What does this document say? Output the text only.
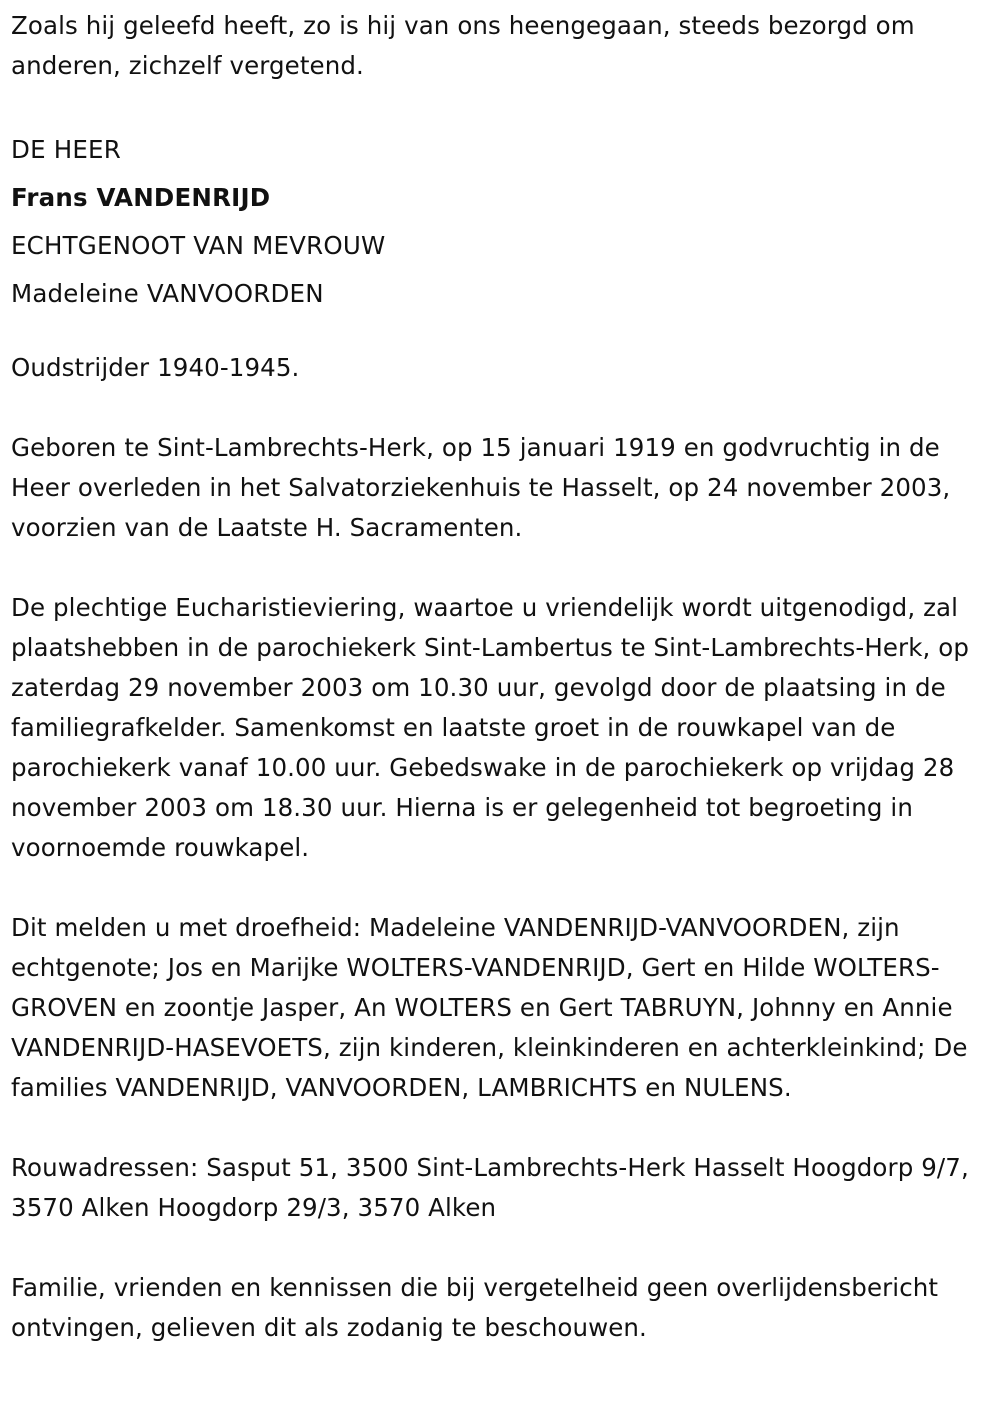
Zoals hij geleefd heeft, zo is hij van ons heengegaan, steeds bezorgd om anderen, zichzelf vergetend.

DE HEER
Frans VANDENRIJD
ECHTGENOOT VAN MEVROUW
Madeleine VANVOORDEN

Oudstrijder 1940-1945.

Geboren te Sint-Lambrechts-Herk, op 15 januari 1919 en godvruchtig in de Heer overleden in het Salvatorziekenhuis te Hasselt, op 24 november 2003, voorzien van de Laatste H. Sacramenten.

De plechtige Eucharistieviering, waartoe u vriendelijk wordt uitgenodigd, zal plaatshebben in de parochiekerk Sint-Lambertus te Sint-Lambrechts-Herk, op zaterdag 29 november 2003 om 10.30 uur, gevolgd door de plaatsing in de familiegrafkelder. Samenkomst en laatste groet in de rouwkapel van de parochiekerk vanaf 10.00 uur. Gebedswake in de parochiekerk op vrijdag 28 november 2003 om 18.30 uur. Hierna is er gelegenheid tot begroeting in voornoemde rouwkapel.

Dit melden u met droefheid: Madeleine VANDENRIJD-VANVOORDEN, zijn echtgenote; Jos en Marijke WOLTERS-VANDENRIJD, Gert en Hilde WOLTERS-GROVEN en zoontje Jasper, An WOLTERS en Gert TABRUYN, Johnny en Annie VANDENRIJD-HASEVOETS, zijn kinderen, kleinkinderen en achterkleinkind; De families VANDENRIJD, VANVOORDEN, LAMBRICHTS en NULENS.

Rouwadressen: Sasput 51, 3500 Sint-Lambrechts-Herk Hasselt Hoogdorp 9/7, 3570 Alken Hoogdorp 29/3, 3570 Alken

Familie, vrienden en kennissen die bij vergetelheid geen overlijdensbericht ontvingen, gelieven dit als zodanig te beschouwen.
